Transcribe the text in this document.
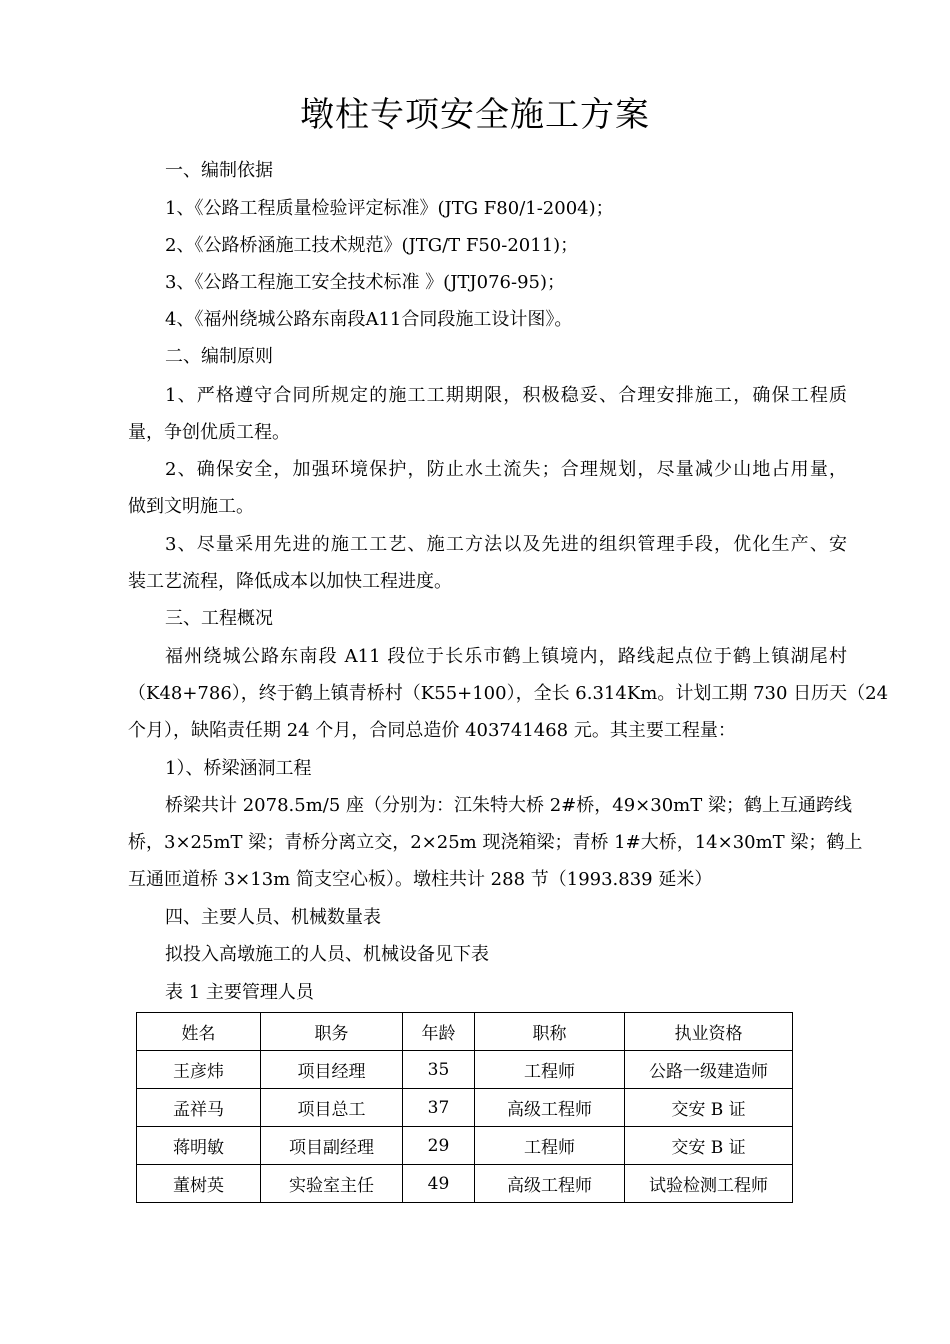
墩柱专项安全施工方案
一、编制依据
1、《公路工程质量检验评定标准》(JTG F80/1-2004)；
2、《公路桥涵施工技术规范》(JTG/T F50-2011)；
3、《公路工程施工安全技术标准 》(JTJ076-95)；
4、《福州绕城公路东南段A11合同段施工设计图》。
二、编制原则
1、严格遵守合同所规定的施工工期期限，积极稳妥、合理安排施工，确保工程质
量，争创优质工程。
2、确保安全，加强环境保护，防止水土流失；合理规划，尽量减少山地占用量，
做到文明施工。
3、尽量采用先进的施工工艺、施工方法以及先进的组织管理手段，优化生产、安
装工艺流程，降低成本以加快工程进度。
三、工程概况
福州绕城公路东南段 A11 段位于长乐市鹤上镇境内，路线起点位于鹤上镇湖尾村
（K48+786），终于鹤上镇青桥村（K55+100），全长 6.314Km。计划工期 730 日历天（24
个月），缺陷责任期 24 个月，合同总造价 403741468 元。其主要工程量：
1）、桥梁涵洞工程
桥梁共计 2078.5m/5 座（分别为：江朱特大桥 2#桥，49×30mT 梁；鹤上互通跨线
桥，3×25mT 梁；青桥分离立交，2×25m 现浇箱梁；青桥 1#大桥，14×30mT 梁；鹤上
互通匝道桥 3×13m 简支空心板）。墩柱共计 288 节（1993.839 延米）
四、主要人员、机械数量表
拟投入高墩施工的人员、机械设备见下表
表 1 主要管理人员
姓名	职务	年龄	职称	执业资格
王彦炜	项目经理	35	工程师	公路一级建造师
孟祥马	项目总工	37	高级工程师	交安 B 证
蒋明敏	项目副经理	29	工程师	交安 B 证
董树英	实验室主任	49	高级工程师	试验检测工程师
